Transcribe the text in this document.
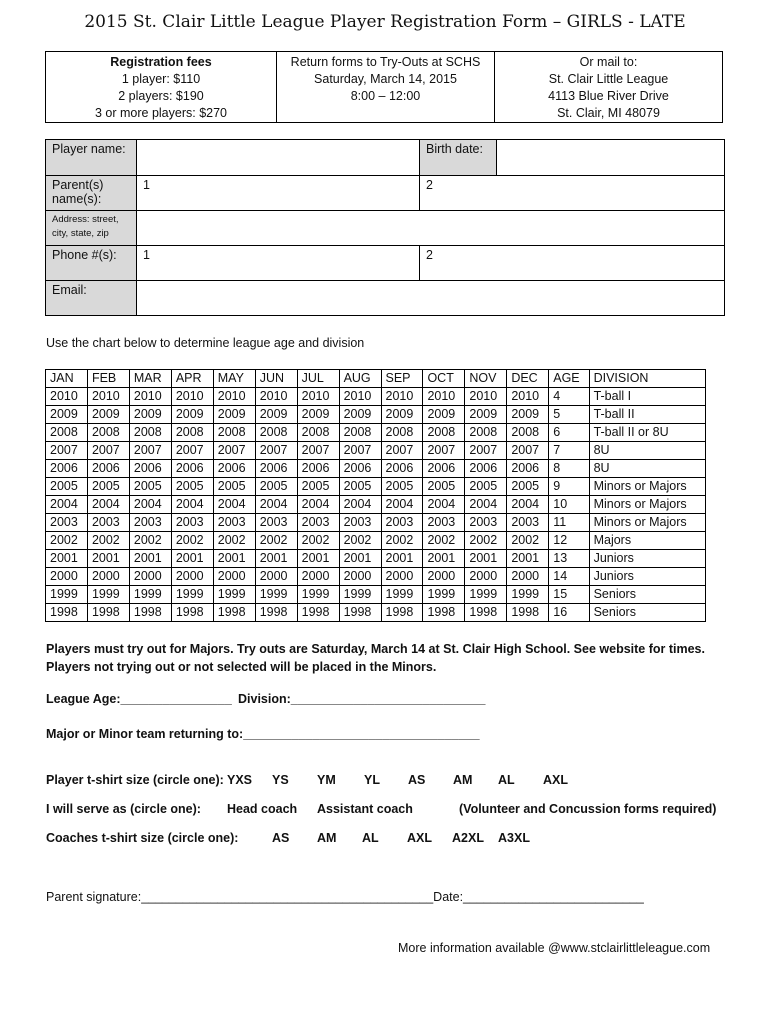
2015 St. Clair Little League Player Registration Form – GIRLS - LATE
Registration fees
1 player: $110
2 players: $190
3 or more players: $270
Return forms to Try-Outs at SCHS
Saturday, March 14, 2015
8:00 – 12:00
Or mail to:
St. Clair Little League
4113 Blue River Drive
St. Clair, MI 48079
Player name:		Birth date:	
Parent(s) name(s):	1	2	
Address: street, city, state, zip			
Phone #(s):	1	2	
Email:			
Use the chart below to determine league age and division
JAN	FEB	MAR	APR	MAY	JUN	JUL	AUG	SEP	OCT	NOV	DEC	AGE	DIVISION
2010	2010	2010	2010	2010	2010	2010	2010	2010	2010	2010	2010	4	T-ball I
2009	2009	2009	2009	2009	2009	2009	2009	2009	2009	2009	2009	5	T-ball II
2008	2008	2008	2008	2008	2008	2008	2008	2008	2008	2008	2008	6	T-ball II or 8U
2007	2007	2007	2007	2007	2007	2007	2007	2007	2007	2007	2007	7	8U
2006	2006	2006	2006	2006	2006	2006	2006	2006	2006	2006	2006	8	8U
2005	2005	2005	2005	2005	2005	2005	2005	2005	2005	2005	2005	9	Minors or Majors
2004	2004	2004	2004	2004	2004	2004	2004	2004	2004	2004	2004	10	Minors or Majors
2003	2003	2003	2003	2003	2003	2003	2003	2003	2003	2003	2003	11	Minors or Majors
2002	2002	2002	2002	2002	2002	2002	2002	2002	2002	2002	2002	12	Majors
2001	2001	2001	2001	2001	2001	2001	2001	2001	2001	2001	2001	13	Juniors
2000	2000	2000	2000	2000	2000	2000	2000	2000	2000	2000	2000	14	Juniors
1999	1999	1999	1999	1999	1999	1999	1999	1999	1999	1999	1999	15	Seniors
1998	1998	1998	1998	1998	1998	1998	1998	1998	1998	1998	1998	16	Seniors
Players must try out for Majors. Try outs are Saturday, March 14 at St. Clair High School. See website for times.
Players not trying out or not selected will be placed in the Minors.
League Age:________________ Division:____________________________
Major or Minor team returning to:__________________________________
Player t-shirt size (circle one): YXS YS YM YL AS AM AL AXL
I will serve as (circle one): Head coach Assistant coach	(Volunteer and Concussion forms required)
Coaches t-shirt size (circle one):	AS AM AL AXL A2XL A3XL
Parent signature:__________________________________________Date:__________________________
More information available @www.stclairlittleleague.com
